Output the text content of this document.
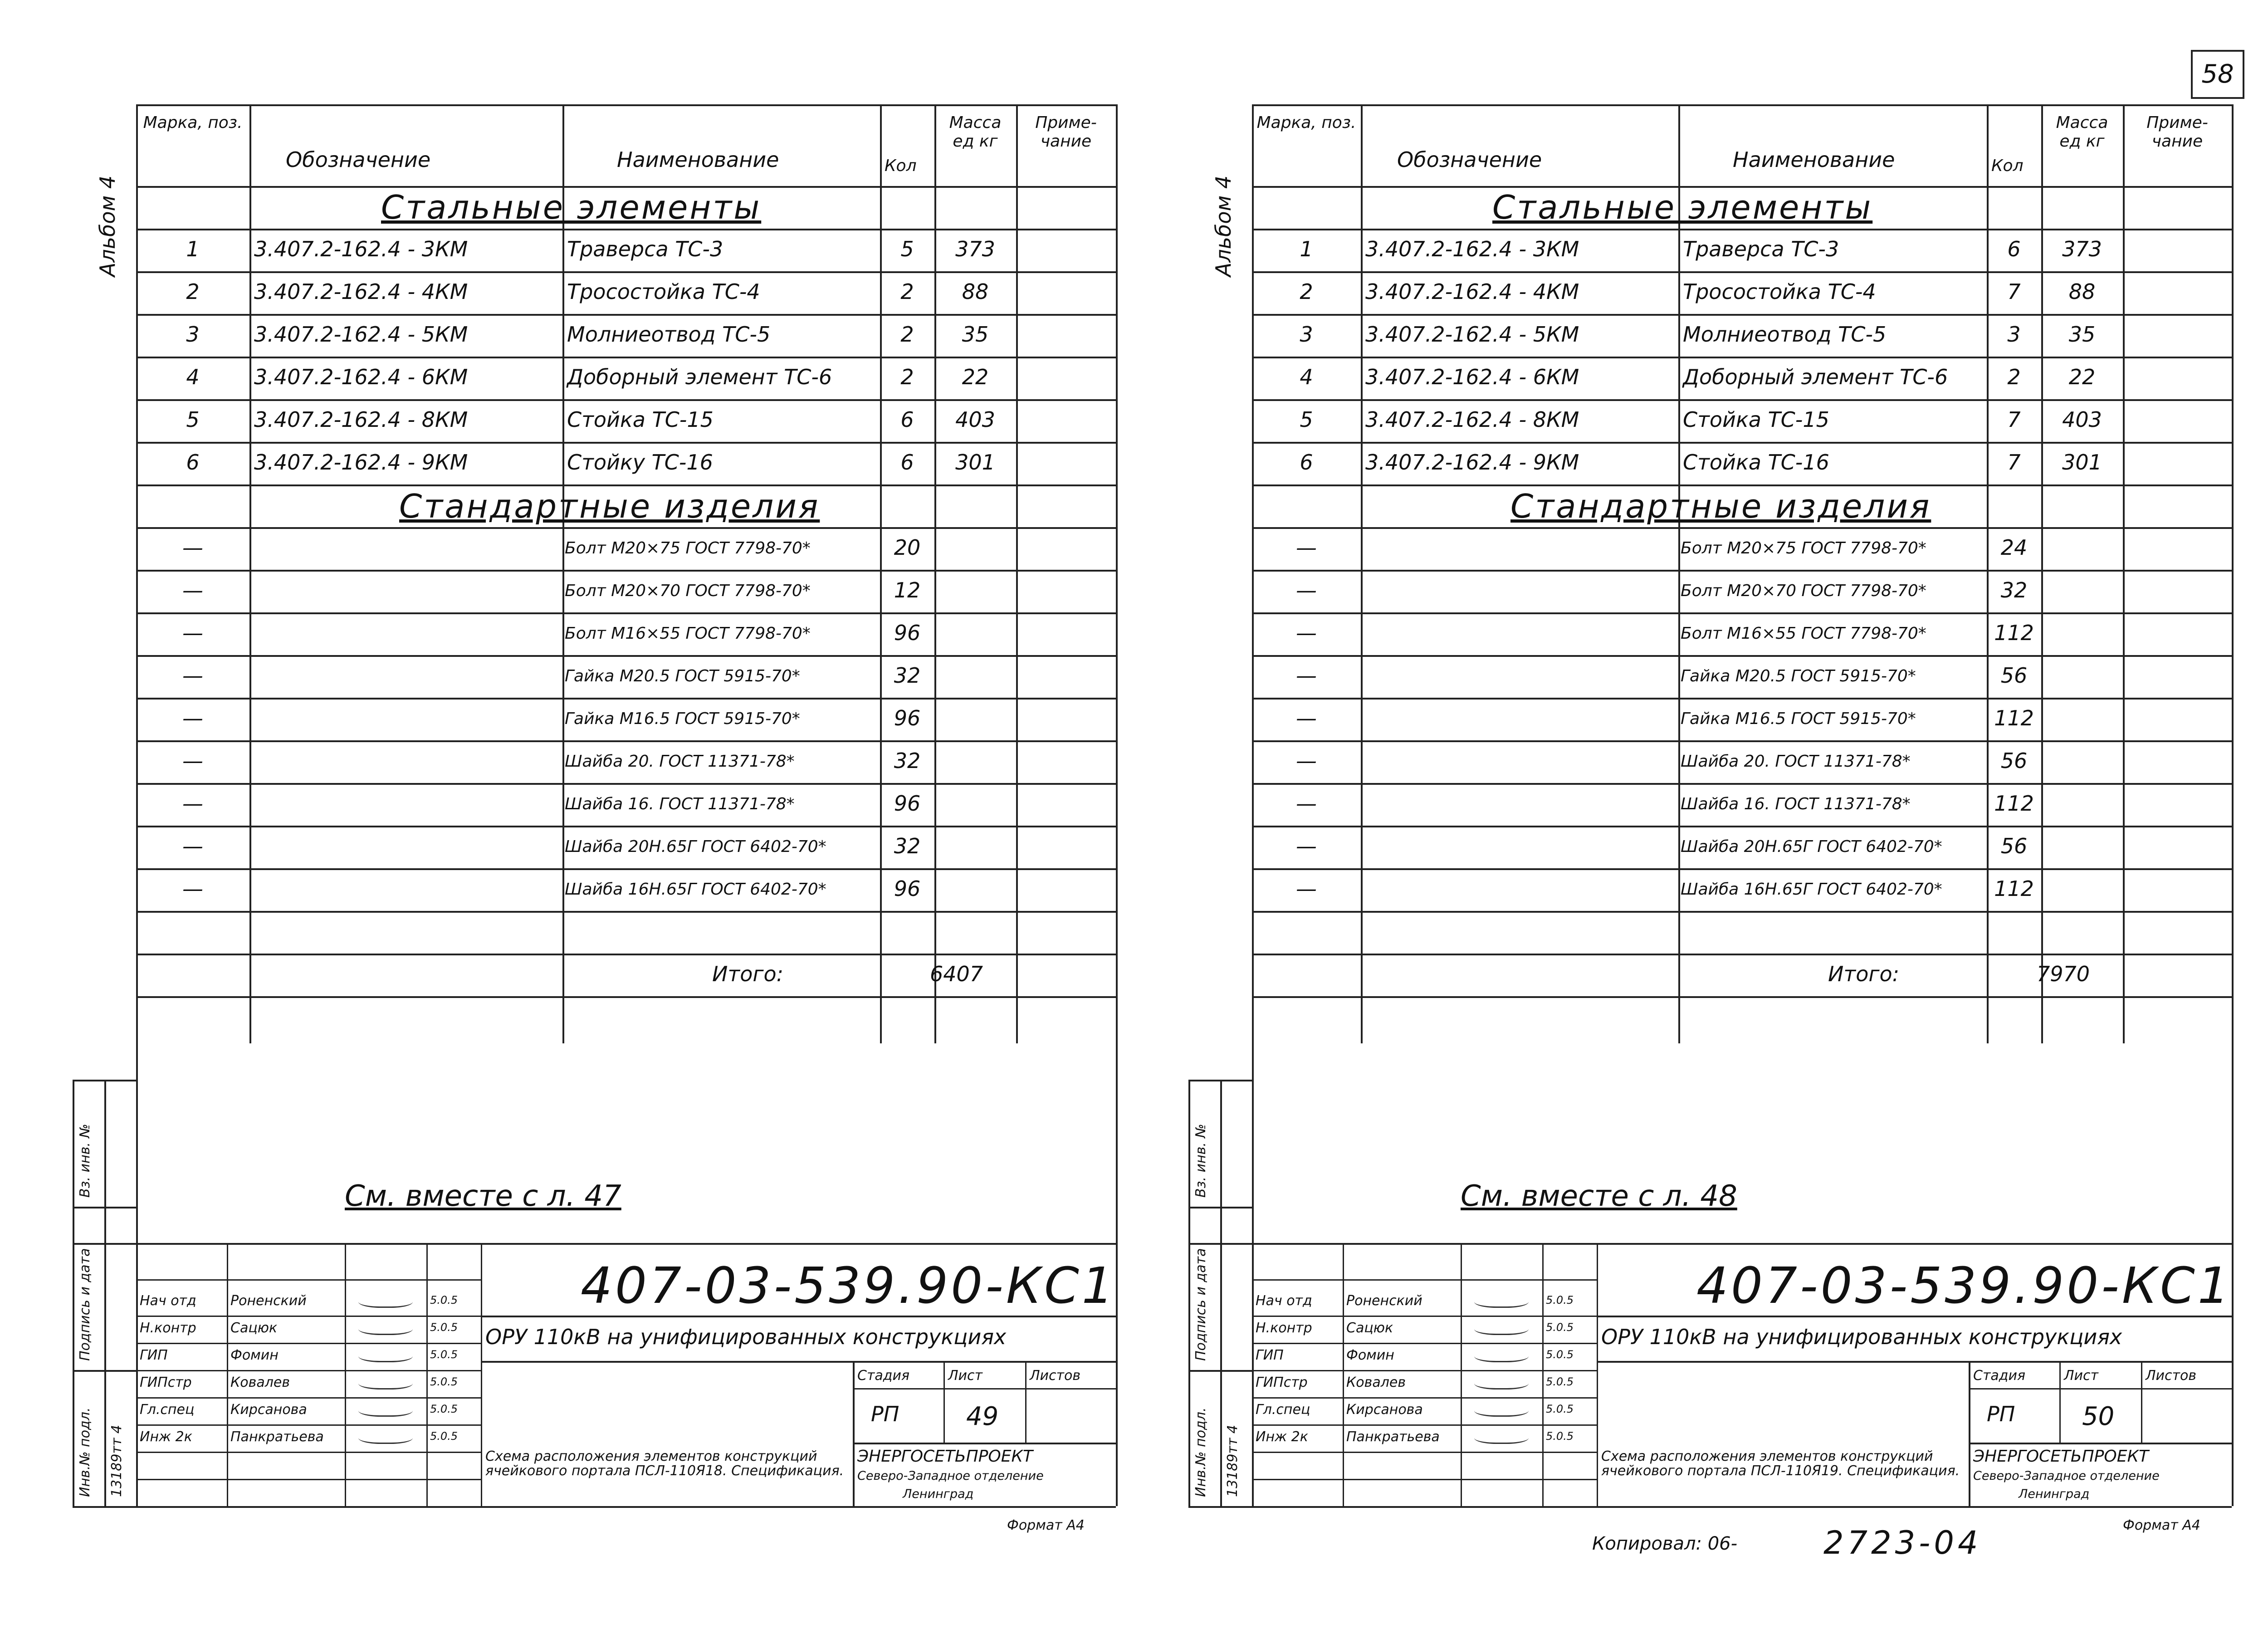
58
Марка, поз.
Обозначение	Наименование	Кол
Масса ед кг
Приме-чание
Альбом 4	Стальные элементы
1	3.407.2-162.4 - 3КМ	Траверса ТС-3	5	373
2	3.407.2-162.4 - 4КМ	Тросостойка ТС-4	2	88
3	3.407.2-162.4 - 5КМ	Молниеотвод ТС-5	2	35
4	3.407.2-162.4 - 6КМ	Доборный элемент ТС-6	2	22
5	3.407.2-162.4 - 8КМ	Стойка ТС-15	6	403
6	3.407.2-162.4 - 9КМ	Стойку ТС-16	6	301
Стандартные изделия
—	Болт М20×75 ГОСТ 7798-70*	20
—	Болт М20×70 ГОСТ 7798-70*	12
—	Болт М16×55 ГОСТ 7798-70*	96
—	Гайка М20.5 ГОСТ 5915-70*	32
—	Гайка М16.5 ГОСТ 5915-70*	96
—	Шайба 20. ГОСТ 11371-78*	32
—	Шайба 16. ГОСТ 11371-78*	96
—	Шайба 20Н.65Г ГОСТ 6402-70*	32
—	Шайба 16Н.65Г ГОСТ 6402-70*	96
Итого:	6407
См. вместе с л. 47
Инв.№ подл. 13189тт 4
Подпись и дата
Вз. инв. №
Нач отд	Роненский	5.0.5
Н.контр	Сацюк	5.0.5
ГИП	Фомин	5.0.5
ГИПстр	Ковалев	5.0.5
Гл.спец	Кирсанова	5.0.5
Инж 2к	Панкратьева	5.0.5
407-03-539.90-КС1
ОРУ 110кВ на унифицированных конструкциях
Стадия	Лист	Листов
РП	49
Схема расположения элементов конструкций ячейкового портала ПСЛ-110Я18. Спецификация.
ЭНЕРГОСЕТЬПРОЕКТ
Северо-Западное отделение
Ленинград
Формат А4
Марка, поз.
Обозначение	Наименование	Кол
Масса ед кг
Приме-чание
Альбом 4	Стальные элементы
1	3.407.2-162.4 - 3КМ	Траверса ТС-3	6	373
2	3.407.2-162.4 - 4КМ	Тросостойка ТС-4	7	88
3	3.407.2-162.4 - 5КМ	Молниеотвод ТС-5	3	35
4	3.407.2-162.4 - 6КМ	Доборный элемент ТС-6	2	22
5	3.407.2-162.4 - 8КМ	Стойка ТС-15	7	403
6	3.407.2-162.4 - 9КМ	Стойка ТС-16	7	301
Стандартные изделия
—	Болт М20×75 ГОСТ 7798-70*	24
—	Болт М20×70 ГОСТ 7798-70*	32
—	Болт М16×55 ГОСТ 7798-70*	112
—	Гайка М20.5 ГОСТ 5915-70*	56
—	Гайка М16.5 ГОСТ 5915-70*	112
—	Шайба 20. ГОСТ 11371-78*	56
—	Шайба 16. ГОСТ 11371-78*	112
—	Шайба 20Н.65Г ГОСТ 6402-70*	56
—	Шайба 16Н.65Г ГОСТ 6402-70*	112
Итого:	7970
См. вместе с л. 48
Инв.№ подл. 13189тт 4
Подпись и дата
Вз. инв. №
Нач отд	Роненский	5.0.5
Н.контр	Сацюк	5.0.5
ГИП	Фомин	5.0.5
ГИПстр	Ковалев	5.0.5
Гл.спец	Кирсанова	5.0.5
Инж 2к	Панкратьева	5.0.5
407-03-539.90-КС1
ОРУ 110кВ на унифицированных конструкциях
Стадия	Лист	Листов
РП	50
Схема расположения элементов конструкций ячейкового портала ПСЛ-110Я19. Спецификация.
ЭНЕРГОСЕТЬПРОЕКТ
Северо-Западное отделение
Ленинград
Формат А4
Копировал: 06-	2723-04
